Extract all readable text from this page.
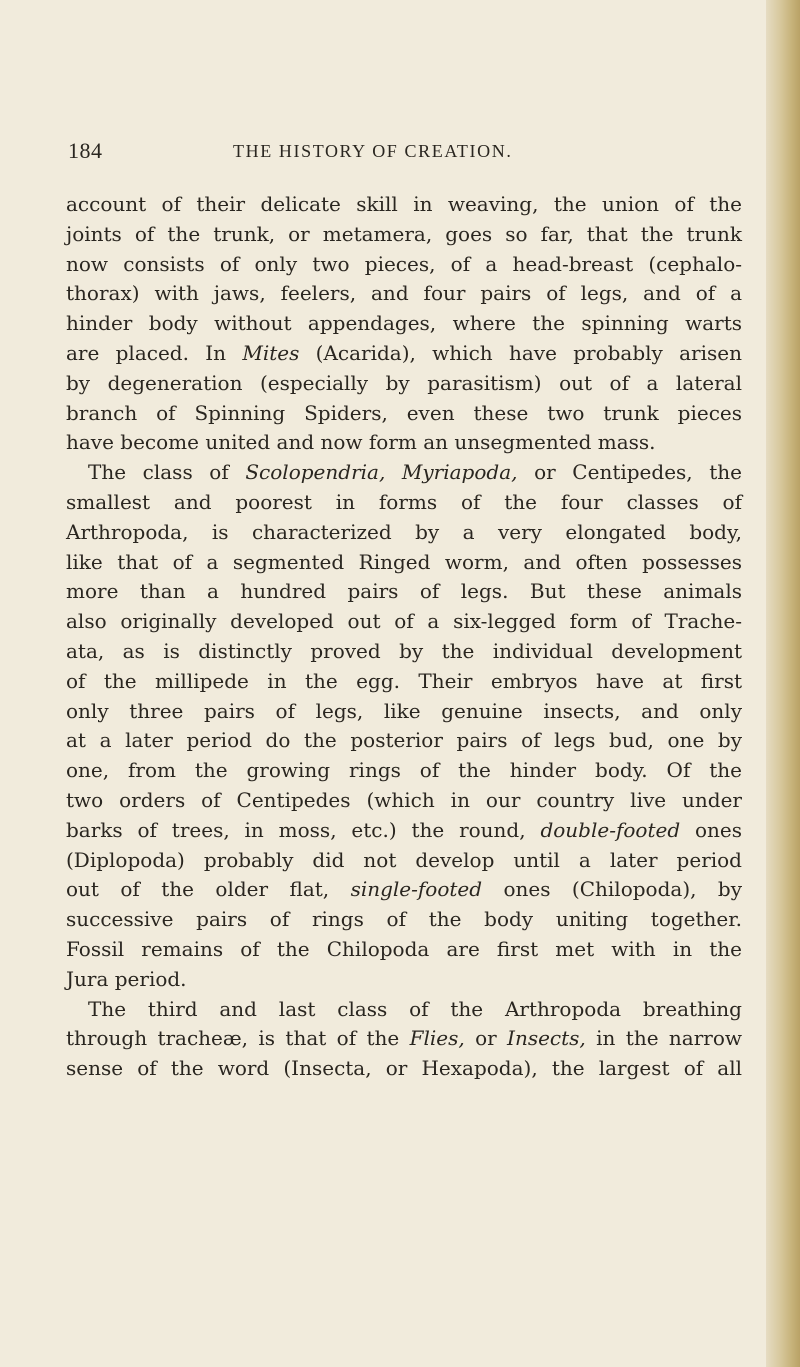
184	THE HISTORY OF CREATION.
account of their delicate skill in weaving, the union of the
joints of the trunk, or metamera, goes so far, that the trunk
now consists of only two pieces, of a head-breast (cephalo-
thorax) with jaws, feelers, and four pairs of legs, and of a
hinder body without appendages, where the spinning warts
are placed. In Mites (Acarida), which have probably arisen
by degeneration (especially by parasitism) out of a lateral
branch of Spinning Spiders, even these two trunk pieces
have become united and now form an unsegmented mass.
The class of Scolopendria, Myriapoda, or Centipedes, the
smallest and poorest in forms of the four classes of
Arthropoda, is characterized by a very elongated body,
like that of a segmented Ringed worm, and often possesses
more than a hundred pairs of legs. But these animals
also originally developed out of a six-legged form of Trache-
ata, as is distinctly proved by the individual development
of the millipede in the egg. Their embryos have at first
only three pairs of legs, like genuine insects, and only
at a later period do the posterior pairs of legs bud, one by
one, from the growing rings of the hinder body. Of the
two orders of Centipedes (which in our country live under
barks of trees, in moss, etc.) the round, double-footed ones
(Diplopoda) probably did not develop until a later period
out of the older flat, single-footed ones (Chilopoda), by
successive pairs of rings of the body uniting together.
Fossil remains of the Chilopoda are first met with in the
Jura period.
The third and last class of the Arthropoda breathing
through tracheæ, is that of the Flies, or Insects, in the narrow
sense of the word (Insecta, or Hexapoda), the largest of all
